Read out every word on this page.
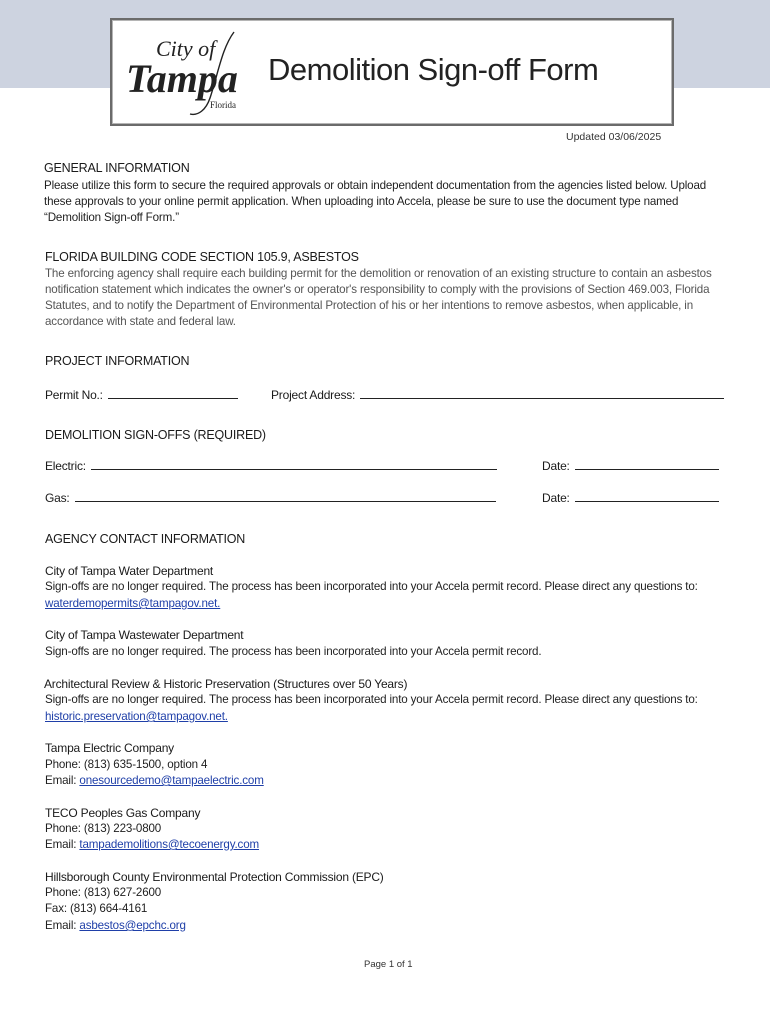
City of
Tampa
Florida
Demolition Sign-off Form
Updated 03/06/2025
GENERAL INFORMATION
Please utilize this form to secure the required approvals or obtain independent documentation from the agencies listed below. Upload
these approvals to your online permit application. When uploading into Accela, please be sure to use the document type named
“Demolition Sign-off Form.”
FLORIDA BUILDING CODE SECTION 105.9, ASBESTOS
The enforcing agency shall require each building permit for the demolition or renovation of an existing structure to contain an asbestos
notification statement which indicates the owner's or operator's responsibility to comply with the provisions of Section 469.003, Florida
Statutes, and to notify the Department of Environmental Protection of his or her intentions to remove asbestos, when applicable, in
accordance with state and federal law.
PROJECT INFORMATION
Permit No.:	Project Address:
DEMOLITION SIGN-OFFS (REQUIRED)
Electric:	Date:
Gas:	Date:
AGENCY CONTACT INFORMATION
City of Tampa Water Department
Sign-offs are no longer required. The process has been incorporated into your Accela permit record. Please direct any questions to:
waterdemopermits@tampagov.net.
City of Tampa Wastewater Department
Sign-offs are no longer required. The process has been incorporated into your Accela permit record.
Architectural Review & Historic Preservation (Structures over 50 Years)
Sign-offs are no longer required. The process has been incorporated into your Accela permit record. Please direct any questions to:
historic.preservation@tampagov.net.
Tampa Electric Company
Phone: (813) 635-1500, option 4
Email: onesourcedemo@tampaelectric.com
TECO Peoples Gas Company
Phone: (813) 223-0800
Email: tampademolitions@tecoenergy.com
Hillsborough County Environmental Protection Commission (EPC)
Phone: (813) 627-2600
Fax: (813) 664-4161
Email: asbestos@epchc.org
Page 1 of 1
